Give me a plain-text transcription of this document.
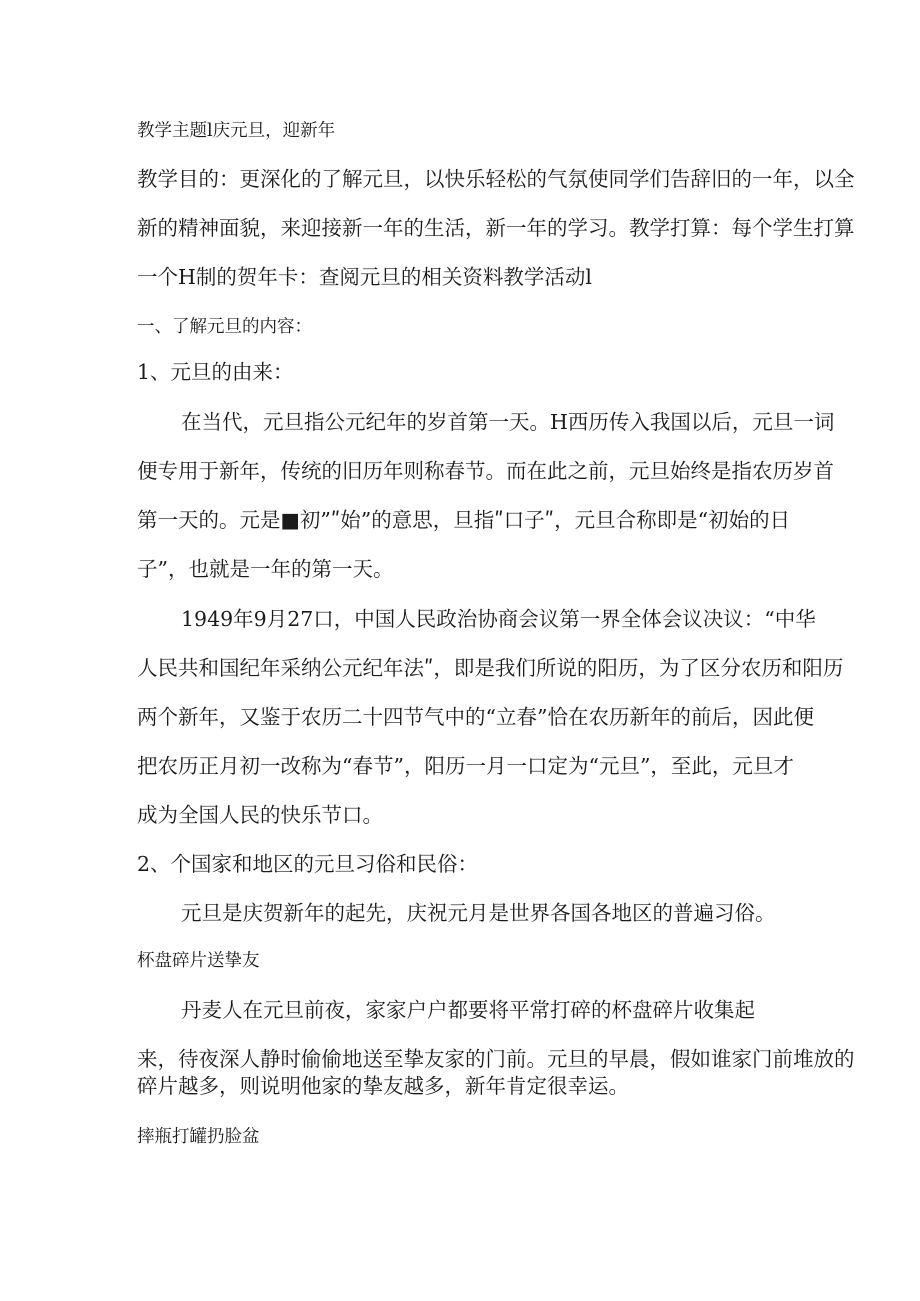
教学主题l庆元旦，迎新年
教学目的：更深化的了解元旦，以快乐轻松的气氛使同学们告辞旧的一年，以全
新的精神面貌，来迎接新一年的生活，新一年的学习。教学打算：每个学生打算
一个H制的贺年卡：查阅元旦的相关资料教学活动l
一、了解元旦的内容：
1、元旦的由来：
在当代，元旦指公元纪年的岁首第一天。H西历传入我国以后，元旦一词
便专用于新年，传统的旧历年则称春节。而在此之前，元旦始终是指农历岁首
第一天的。元是■初”ʺ始”的意思，旦指ʺ口子ʺ，元旦合称即是“初始的日
子”，也就是一年的第一天。
1949年9月27口，中国人民政治协商会议第一界全体会议决议：“中华
人民共和国纪年采纳公元纪年法ʺ，即是我们所说的阳历，为了区分农历和阳历
两个新年，又鉴于农历二十四节气中的“立春”恰在农历新年的前后，因此便
把农历正月初一改称为“春节”，阳历一月一口定为“元旦”，至此，元旦才
成为全国人民的快乐节口。
2、个国家和地区的元旦习俗和民俗：
元旦是庆贺新年的起先，庆祝元月是世界各国各地区的普遍习俗。
杯盘碎片送挚友
丹麦人在元旦前夜，家家户户都要将平常打碎的杯盘碎片收集起
来，待夜深人静时偷偷地送至挚友家的门前。元旦的早晨，假如谁家门前堆放的
碎片越多，则说明他家的挚友越多，新年肯定很幸运。
摔瓶打罐扔脸盆
